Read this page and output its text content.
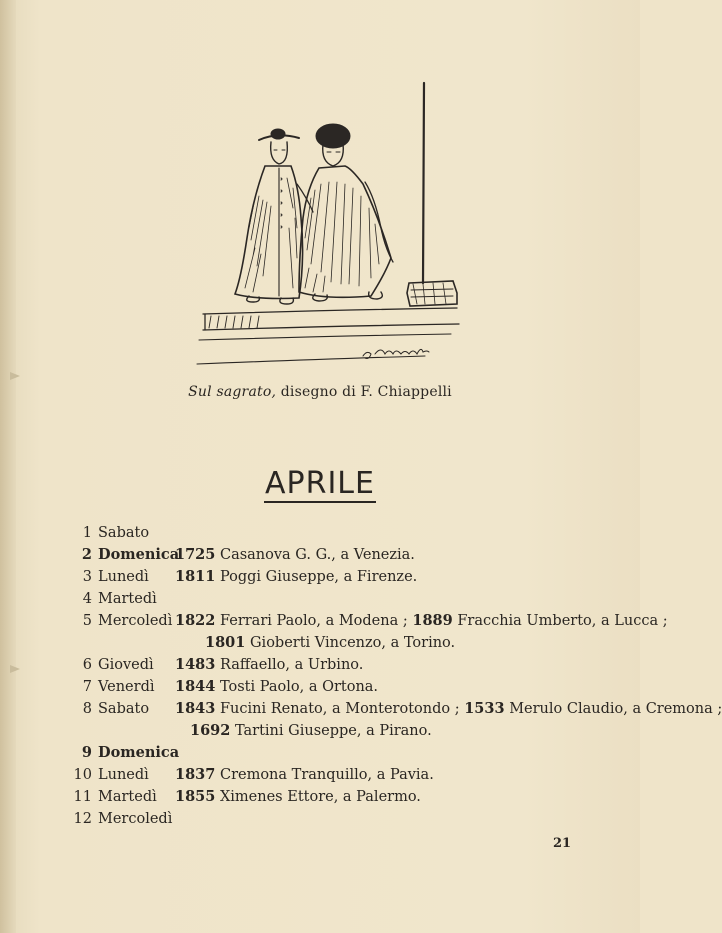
Sul sagrato, disegno di F. Chiappelli
APRILE
1 Sabato
2 Domenica
1725 Casanova G. G., a Venezia.
3 Lunedì 1811 Poggi Giuseppe, a Firenze.
4 Martedì
5 Mercoledì 1822 Ferrari Paolo, a Modena ; 1889 Fracchia Umberto, a Lucca ;
1801 Gioberti Vincenzo, a Torino.
6 Giovedì 1483 Raffaello, a Urbino.
7 Venerdì 1844 Tosti Paolo, a Ortona.
8 Sabato 1843 Fucini Renato, a Monterotondo ; 1533 Merulo Claudio, a Cremona ;
1692 Tartini Giuseppe, a Pirano.
9 Domenica
10 Lunedì 1837 Cremona Tranquillo, a Pavia.
11 Martedì 1855 Ximenes Ettore, a Palermo.
12 Mercoledì
21
